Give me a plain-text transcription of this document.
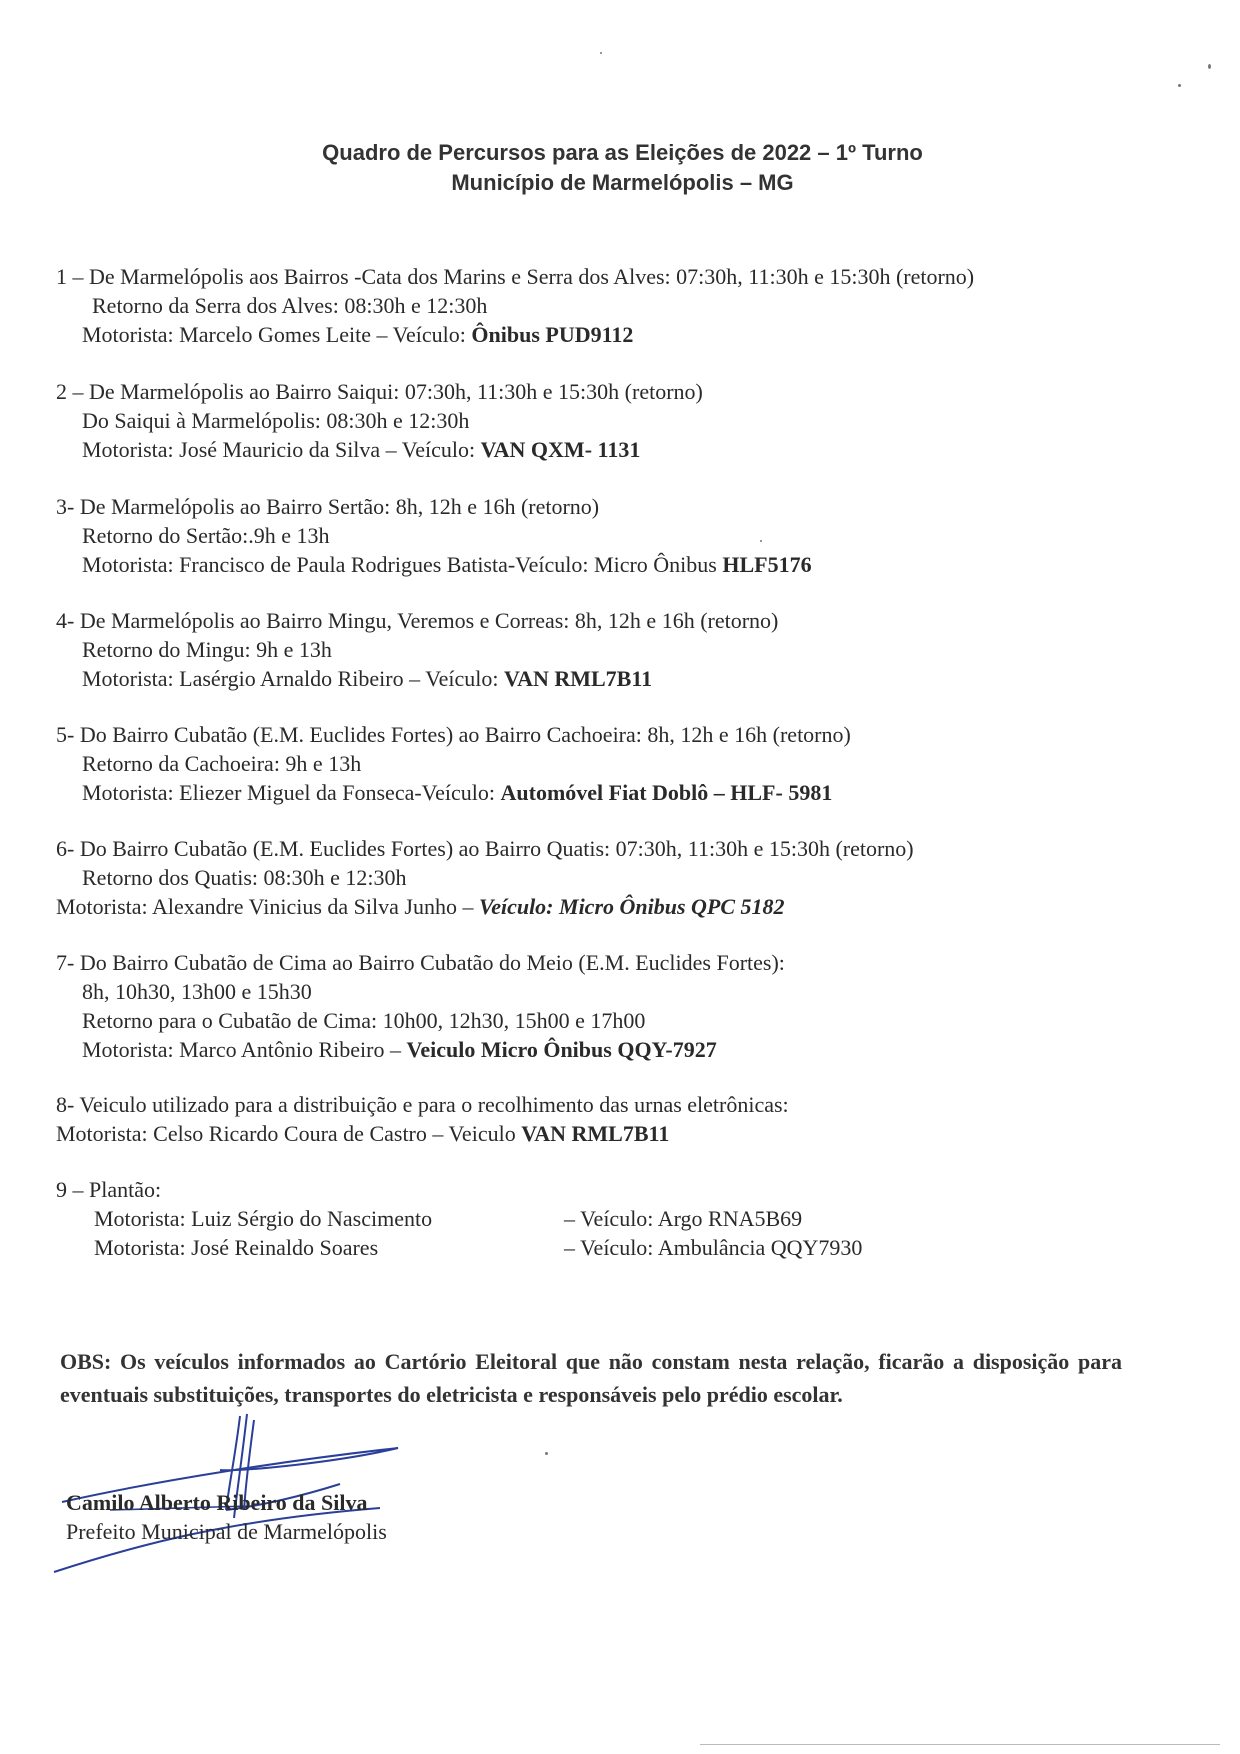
Quadro de Percursos para as Eleições de 2022 – 1º Turno
Município de Marmelópolis – MG
1 – De Marmelópolis aos Bairros -Cata dos Marins e Serra dos Alves: 07:30h, 11:30h e 15:30h (retorno)
Retorno da Serra dos Alves: 08:30h e 12:30h
Motorista: Marcelo Gomes Leite – Veículo: Ônibus PUD9112
2 – De Marmelópolis ao Bairro Saiqui: 07:30h, 11:30h e 15:30h (retorno)
Do Saiqui à Marmelópolis: 08:30h e 12:30h
Motorista: José Mauricio da Silva – Veículo: VAN QXM- 1131
3- De Marmelópolis ao Bairro Sertão: 8h, 12h e 16h (retorno)
Retorno do Sertão:.9h e 13h
Motorista: Francisco de Paula Rodrigues Batista-Veículo: Micro Ônibus HLF5176
4- De Marmelópolis ao Bairro Mingu, Veremos e Correas: 8h, 12h e 16h (retorno)
Retorno do Mingu: 9h e 13h
Motorista: Lasérgio Arnaldo Ribeiro – Veículo: VAN RML7B11
5- Do Bairro Cubatão (E.M. Euclides Fortes) ao Bairro Cachoeira: 8h, 12h e 16h (retorno)
Retorno da Cachoeira: 9h e 13h
Motorista: Eliezer Miguel da Fonseca-Veículo: Automóvel Fiat Doblô – HLF- 5981
6- Do Bairro Cubatão (E.M. Euclides Fortes) ao Bairro Quatis: 07:30h, 11:30h e 15:30h (retorno)
Retorno dos Quatis: 08:30h e 12:30h
Motorista: Alexandre Vinicius da Silva Junho – Veículo: Micro Ônibus QPC 5182
7- Do Bairro Cubatão de Cima ao Bairro Cubatão do Meio (E.M. Euclides Fortes):
8h, 10h30, 13h00 e 15h30
Retorno para o Cubatão de Cima: 10h00, 12h30, 15h00 e 17h00
Motorista: Marco Antônio Ribeiro – Veiculo Micro Ônibus QQY-7927
8- Veiculo utilizado para a distribuição e para o recolhimento das urnas eletrônicas:
Motorista: Celso Ricardo Coura de Castro – Veiculo VAN RML7B11
9 – Plantão:
Motorista: Luiz Sérgio do Nascimento	– Veículo: Argo RNA5B69
Motorista: José Reinaldo Soares	– Veículo: Ambulância QQY7930
OBS: Os veículos informados ao Cartório Eleitoral que não constam nesta relação, ficarão a disposição para eventuais substituições, transportes do eletricista e responsáveis pelo prédio escolar.
Camilo Alberto Ribeiro da Silva
Prefeito Municipal de Marmelópolis
